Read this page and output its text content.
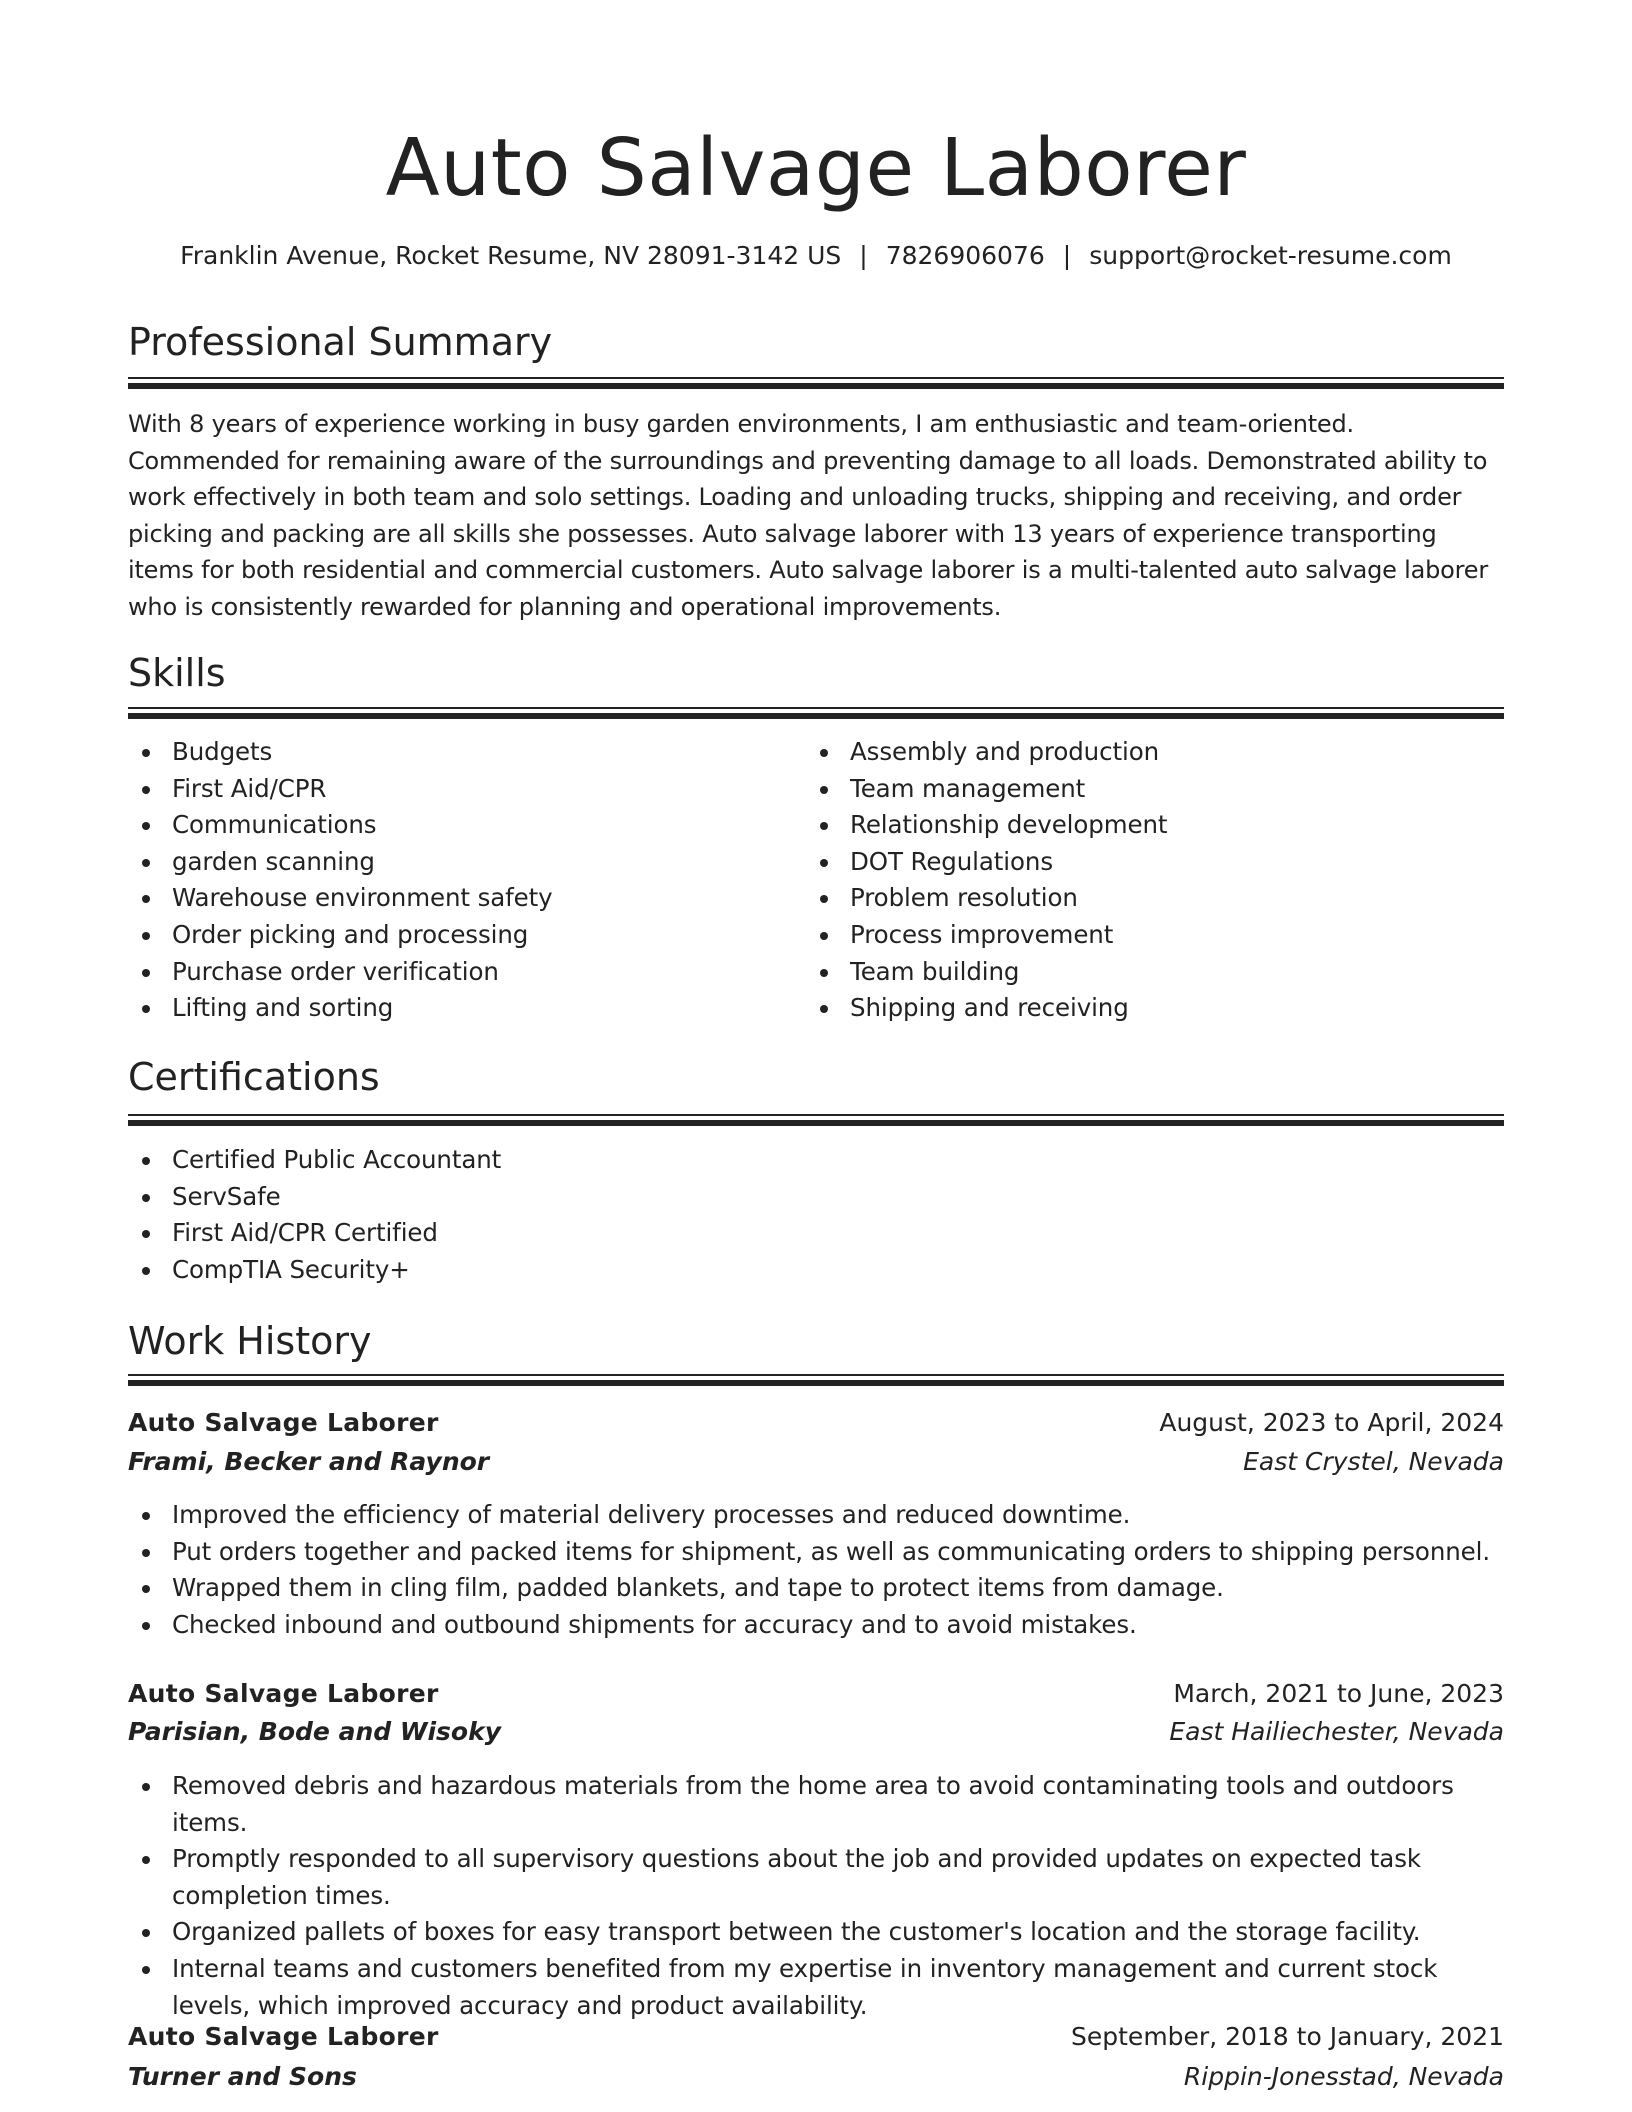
Auto Salvage Laborer
Franklin Avenue, Rocket Resume, NV 28091-3142 US | 7826906076 | support@rocket-resume.com
Professional Summary

With 8 years of experience working in busy garden environments, I am enthusiastic and team-oriented. Commended for remaining aware of the surroundings and preventing damage to all loads. Demonstrated ability to work effectively in both team and solo settings. Loading and unloading trucks, shipping and receiving, and order picking and packing are all skills she possesses. Auto salvage laborer with 13 years of experience transporting items for both residential and commercial customers. Auto salvage laborer is a multi-talented auto salvage laborer who is consistently rewarded for planning and operational improvements.

Skills
Budgets
First Aid/CPR
Communications
garden scanning
Warehouse environment safety
Order picking and processing
Purchase order verification
Lifting and sorting
Assembly and production
Team management
Relationship development
DOT Regulations
Problem resolution
Process improvement
Team building
Shipping and receiving
Certifications
Certified Public Accountant
ServSafe
First Aid/CPR Certified
CompTIA Security+
Work History
Auto Salvage Laborer	August, 2023 to April, 2024
Frami, Becker and Raynor	East Crystel, Nevada
Improved the efficiency of material delivery processes and reduced downtime.
Put orders together and packed items for shipment, as well as communicating orders to shipping personnel.
Wrapped them in cling film, padded blankets, and tape to protect items from damage.
Checked inbound and outbound shipments for accuracy and to avoid mistakes.
Auto Salvage Laborer	March, 2021 to June, 2023
Parisian, Bode and Wisoky	East Hailiechester, Nevada
Removed debris and hazardous materials from the home area to avoid contaminating tools and outdoors items.
Promptly responded to all supervisory questions about the job and provided updates on expected task completion times.
Organized pallets of boxes for easy transport between the customer's location and the storage facility.
Internal teams and customers benefited from my expertise in inventory management and current stock levels, which improved accuracy and product availability.
Auto Salvage Laborer	September, 2018 to January, 2021
Turner and Sons	Rippin-Jonesstad, Nevada
